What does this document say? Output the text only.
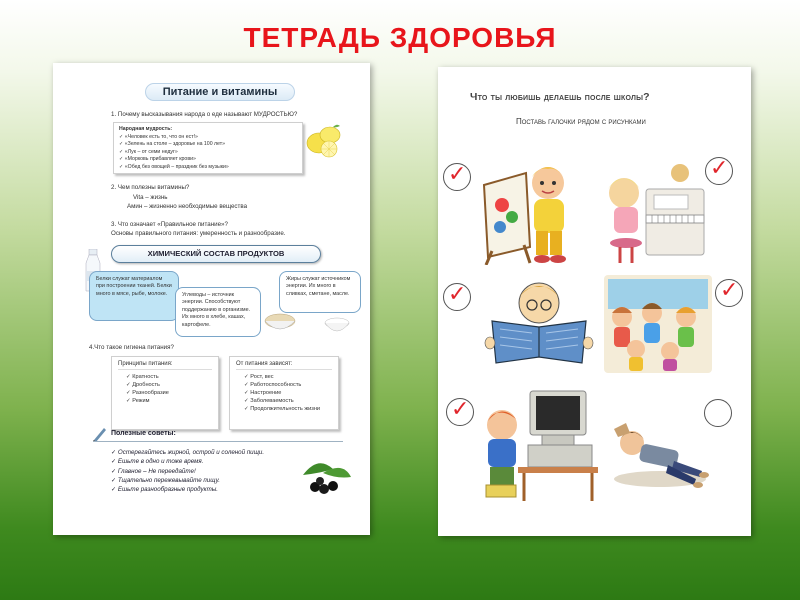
ТЕТРАДЬ ЗДОРОВЬЯ
Питание и витамины
1. Почему высказывания народа о еде называют МУДРОСТЬЮ?
Народная мудрость:
✓ «Человек есть то, что он ест!»
✓ «Зелень на столе – здоровье на 100 лет»
✓ «Лук – от семи недуг»
✓ «Морковь прибавляет крови»
✓ «Обед без овощей – праздник без музыки»
2. Чем полезны витамины?
Vita – жизнь
Амин – жизненно необходимые вещества
3. Что означает «Правильное питание»?
Основы правильного питания: умеренность и разнообразие.
ХИМИЧЕСКИЙ СОСТАВ ПРОДУКТОВ
Белки служат материалом при построении тканей. Белки много в мясе, рыбе, молоке.	Углеводы – источник энергии. Способствуют поддержанию в организме. Их много в хлебе, кашах, картофеле.
Жиры служат источником энергии. Их много в сливках, сметане, масле.
4.Что такое гигиена питания?
Принципы питания:
✓ Кратность
✓ Дробность
✓ Разнообразие
✓ Режим
От питания зависят:
✓ Рост, вес
✓ Работоспособность
✓ Настроение
✓ Заболеваемость
✓ Продолжительность жизни
Полезные советы:
✓ Остерегайтесь жирной, острой и соленой пищи.
✓ Ешьте в одно и тоже время.
✓ Главное – Не переедайте!
✓ Тщательно пережевывайте пищу.
✓ Ешьте разнообразные продукты.
Что ты любишь делаешь после школы?
Поставь галочки рядом с рисунками
✓	✓
✓	✓
✓
